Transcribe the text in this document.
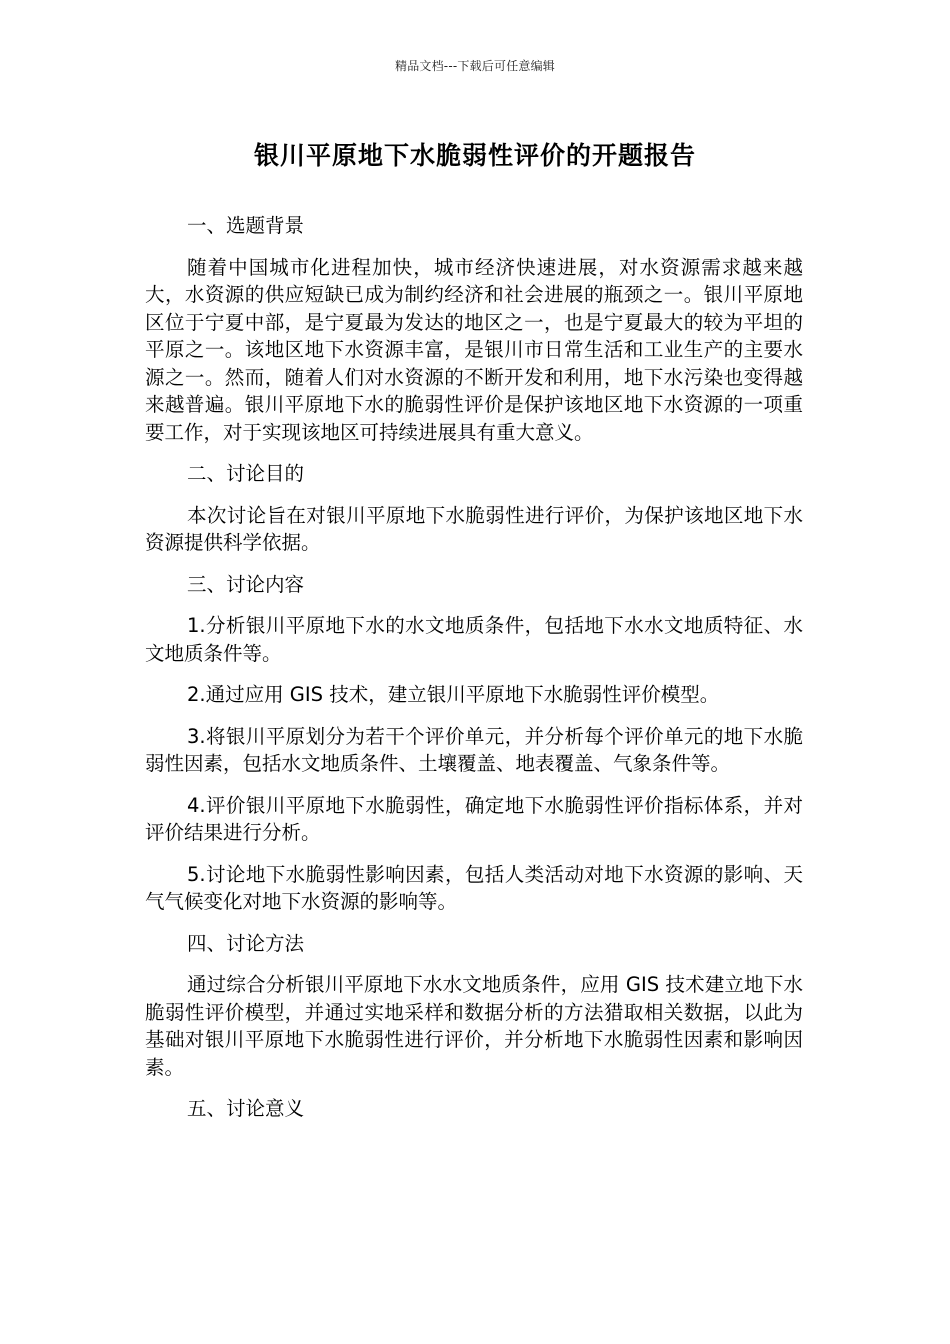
精品文档---下载后可任意编辑
银川平原地下水脆弱性评价的开题报告

一、选题背景

随着中国城市化进程加快，城市经济快速进展，对水资源需求越来越大，水资源的供应短缺已成为制约经济和社会进展的瓶颈之一。银川平原地区位于宁夏中部，是宁夏最为发达的地区之一，也是宁夏最大的较为平坦的平原之一。该地区地下水资源丰富，是银川市日常生活和工业生产的主要水源之一。然而，随着人们对水资源的不断开发和利用，地下水污染也变得越来越普遍。银川平原地下水的脆弱性评价是保护该地区地下水资源的一项重要工作，对于实现该地区可持续进展具有重大意义。

二、讨论目的

本次讨论旨在对银川平原地下水脆弱性进行评价，为保护该地区地下水资源提供科学依据。

三、讨论内容

1.分析银川平原地下水的水文地质条件，包括地下水水文地质特征、水文地质条件等。

2.通过应用 GIS 技术，建立银川平原地下水脆弱性评价模型。

3.将银川平原划分为若干个评价单元，并分析每个评价单元的地下水脆弱性因素，包括水文地质条件、土壤覆盖、地表覆盖、气象条件等。

4.评价银川平原地下水脆弱性，确定地下水脆弱性评价指标体系，并对评价结果进行分析。

5.讨论地下水脆弱性影响因素，包括人类活动对地下水资源的影响、天气气候变化对地下水资源的影响等。

四、讨论方法

通过综合分析银川平原地下水水文地质条件，应用 GIS 技术建立地下水脆弱性评价模型，并通过实地采样和数据分析的方法猎取相关数据，以此为基础对银川平原地下水脆弱性进行评价，并分析地下水脆弱性因素和影响因素。

五、讨论意义
